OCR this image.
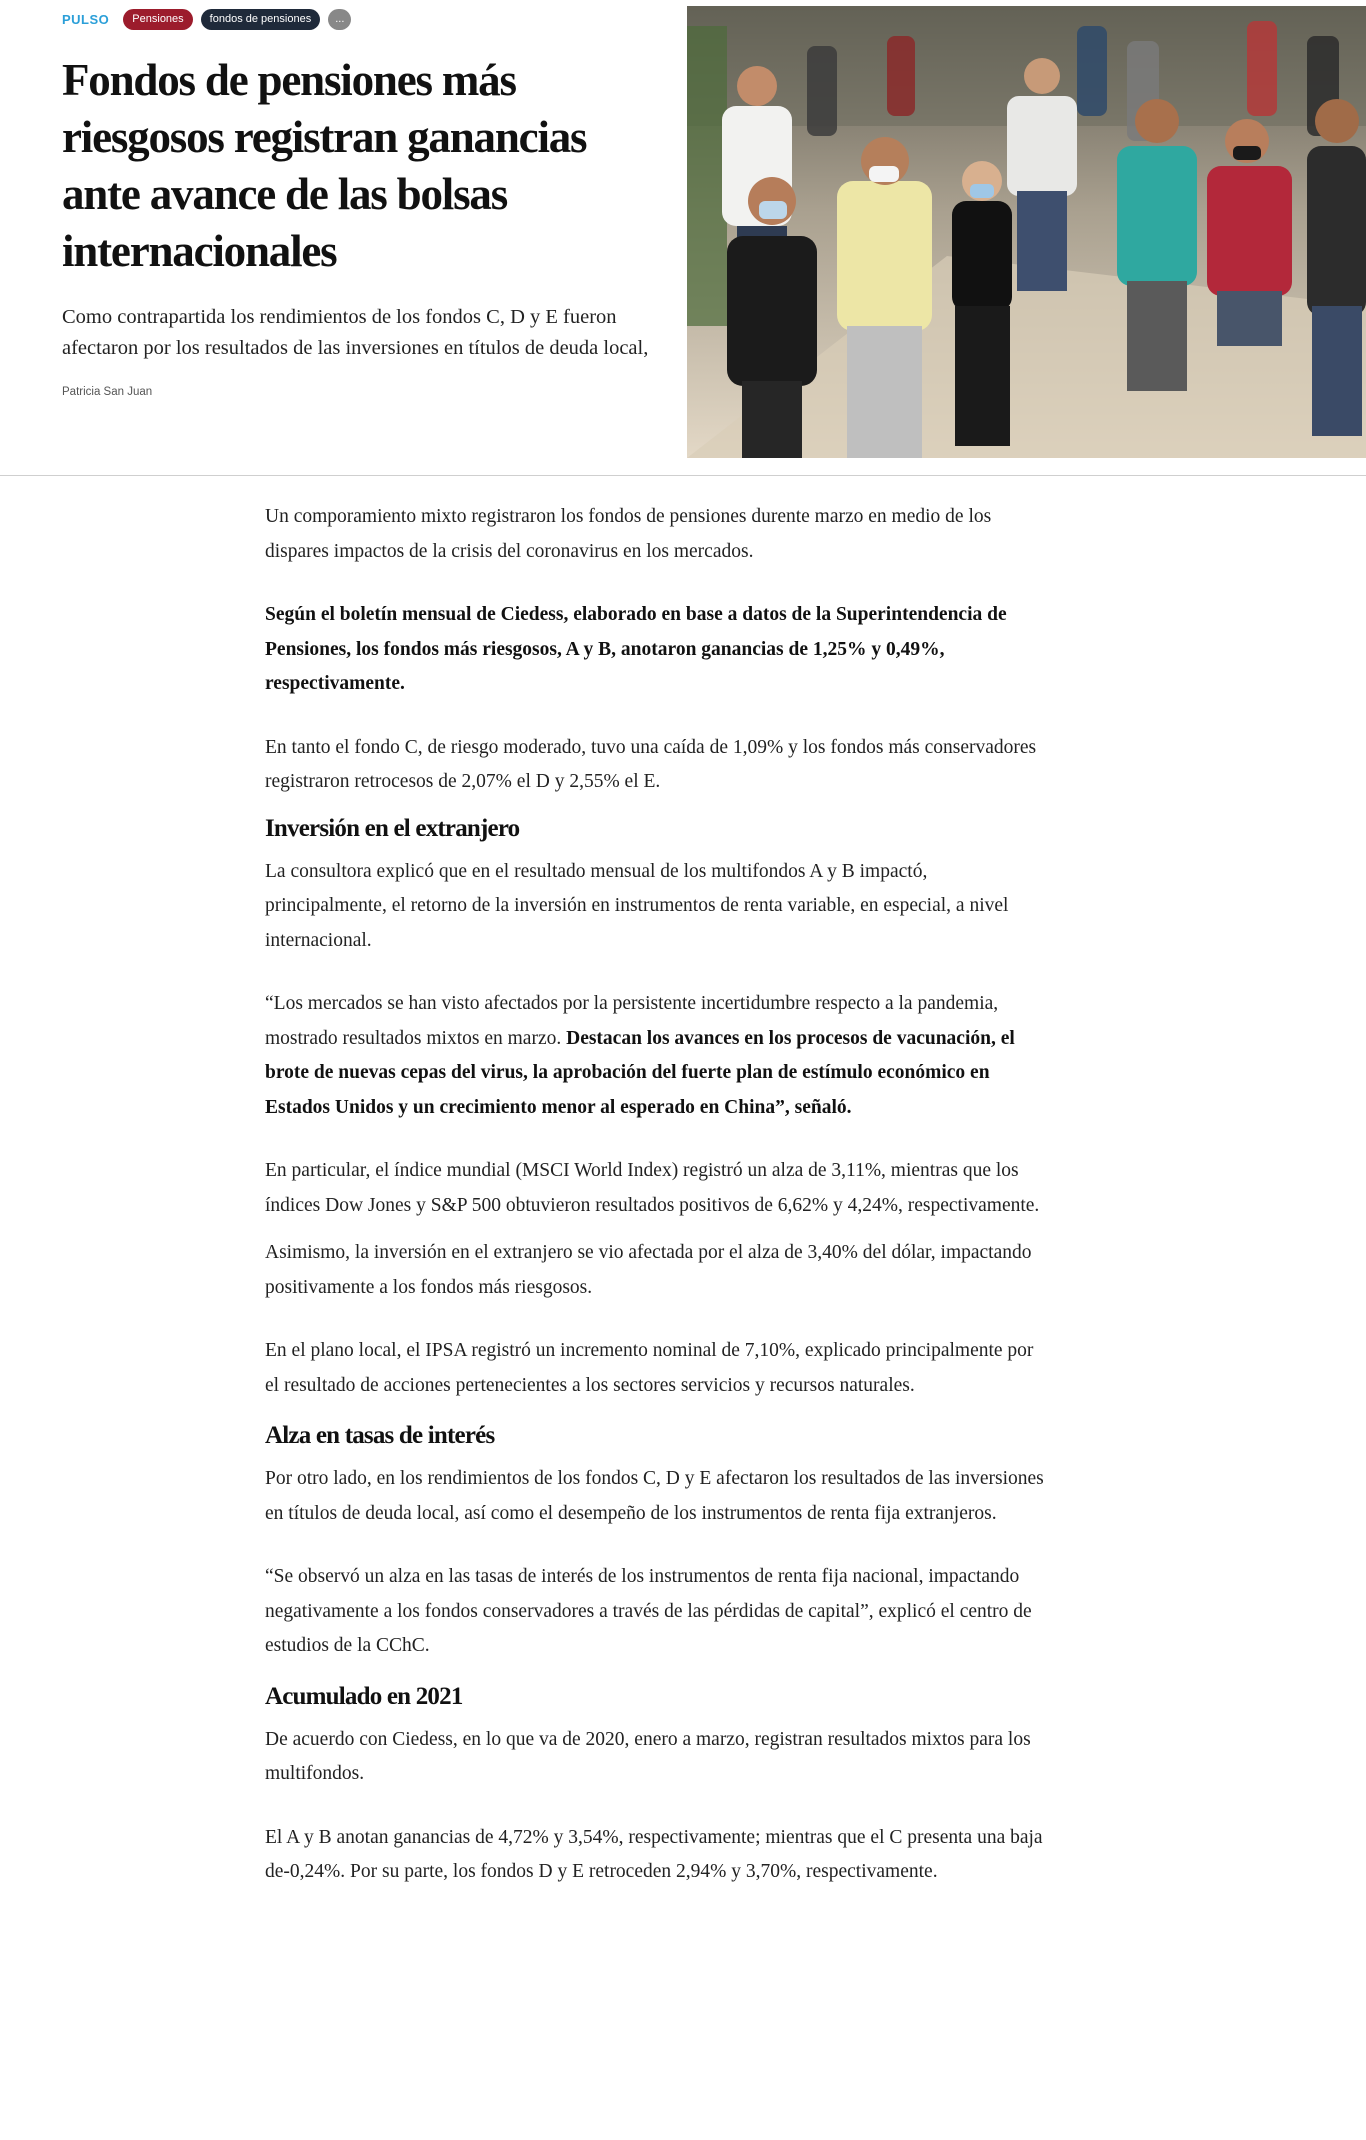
PULSO	Pensiones	fondos de pensiones	...
Fondos de pensiones más riesgosos registran ganancias ante avance de las bolsas internacionales

Como contrapartida los rendimientos de los fondos C, D y E fueron afectaron por los resultados de las inversiones en títulos de deuda local,

Patricia San Juan

Un comporamiento mixto registraron los fondos de pensiones durente marzo en medio de los dispares impactos de la crisis del coronavirus en los mercados.

Según el boletín mensual de Ciedess, elaborado en base a datos de la Superintendencia de Pensiones, los fondos más riesgosos, A y B, anotaron ganancias de 1,25% y 0,49%, respectivamente.

En tanto el fondo C, de riesgo moderado, tuvo una caída de 1,09% y los fondos más conservadores registraron retrocesos de 2,07% el D y 2,55% el E.

Inversión en el extranjero

La consultora explicó que en el resultado mensual de los multifondos A y B impactó, principalmente, el retorno de la inversión en instrumentos de renta variable, en especial, a nivel internacional.

“Los mercados se han visto afectados por la persistente incertidumbre respecto a la pandemia, mostrado resultados mixtos en marzo. Destacan los avances en los procesos de vacunación, el brote de nuevas cepas del virus, la aprobación del fuerte plan de estímulo económico en Estados Unidos y un crecimiento menor al esperado en China”, señaló.

En particular, el índice mundial (MSCI World Index) registró un alza de 3,11%, mientras que los índices Dow Jones y S&P 500 obtuvieron resultados positivos de 6,62% y 4,24%, respectivamente.

Asimismo, la inversión en el extranjero se vio afectada por el alza de 3,40% del dólar, impactando positivamente a los fondos más riesgosos.

En el plano local, el IPSA registró un incremento nominal de 7,10%, explicado principalmente por el resultado de acciones pertenecientes a los sectores servicios y recursos naturales.

Alza en tasas de interés

Por otro lado, en los rendimientos de los fondos C, D y E afectaron los resultados de las inversiones en títulos de deuda local, así como el desempeño de los instrumentos de renta fija extranjeros.

“Se observó un alza en las tasas de interés de los instrumentos de renta fija nacional, impactando negativamente a los fondos conservadores a través de las pérdidas de capital”, explicó el centro de estudios de la CChC.

Acumulado en 2021

De acuerdo con Ciedess, en lo que va de 2020, enero a marzo, registran resultados mixtos para los multifondos.

El A y B anotan ganancias de 4,72% y 3,54%, respectivamente; mientras que el C presenta una baja de-0,24%. Por su parte, los fondos D y E retroceden 2,94% y 3,70%, respectivamente.
